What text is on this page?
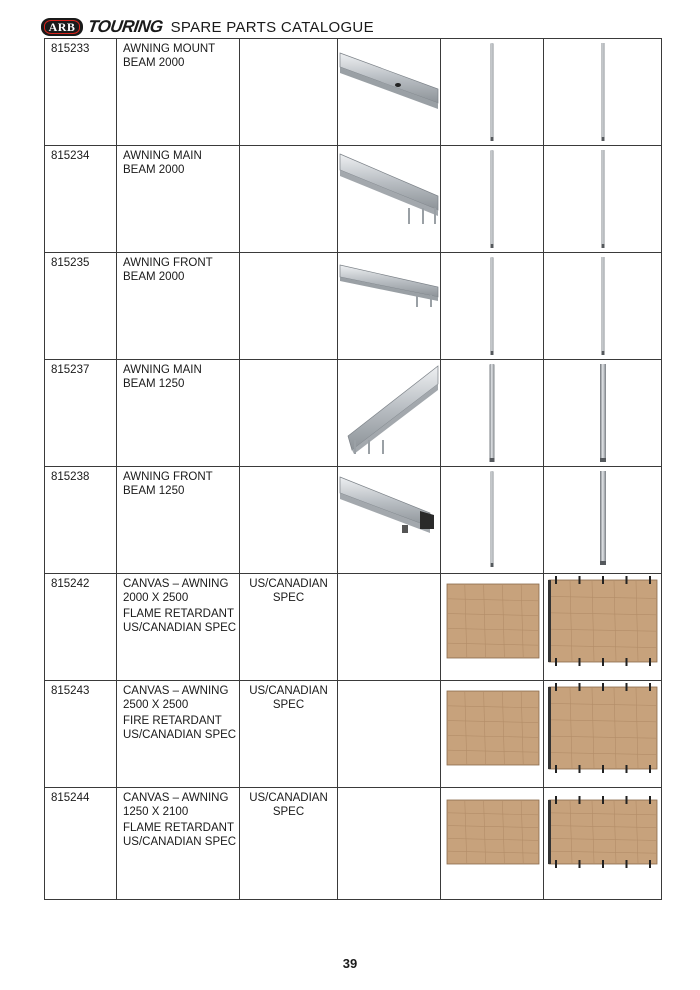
ARB TOURING SPARE PARTS CATALOGUE
815233	AWNING MOUNT
BEAM 2000

815234	AWNING MAIN
BEAM 2000

815235	AWNING FRONT
BEAM 2000

815237	AWNING MAIN
BEAM 1250

815238	AWNING FRONT
BEAM 1250

815242	CANVAS – AWNING
2000 X 2500
FLAME RETARDANT
US/CANADIAN SPEC	US/CANADIAN
SPEC

815243	CANVAS – AWNING
2500 X 2500
FIRE RETARDANT
US/CANADIAN SPEC	US/CANADIAN
SPEC

815244	CANVAS – AWNING
1250 X 2100
FLAME RETARDANT
US/CANADIAN SPEC	US/CANADIAN
SPEC

39
